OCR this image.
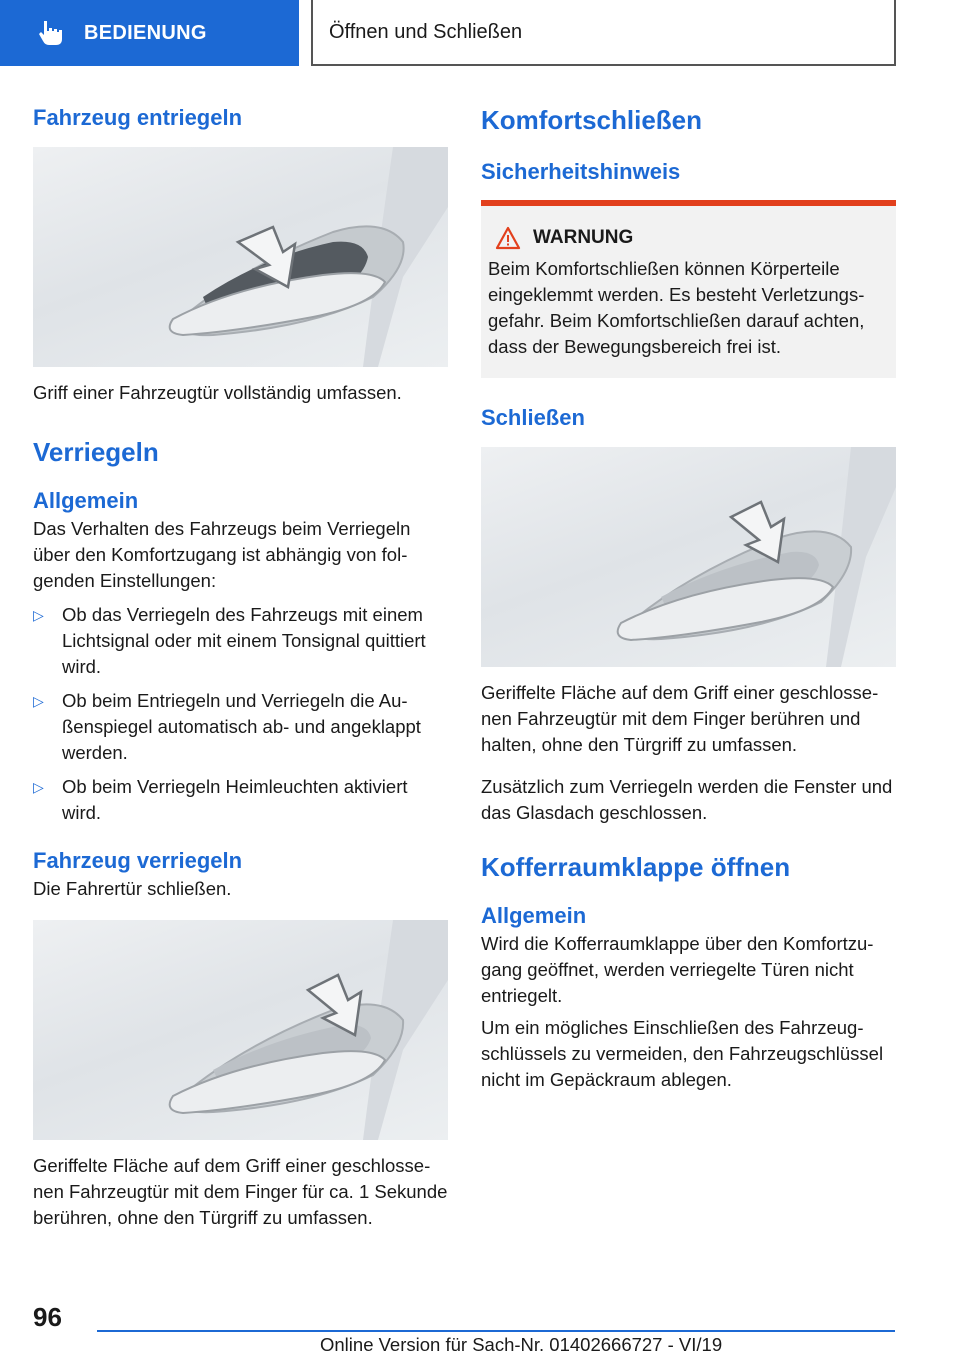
BEDIENUNG	Öffnen und Schließen
Fahrzeug entriegeln
Griff einer Fahrzeugtür vollständig umfassen.
Verriegeln
Allgemein
Das Verhalten des Fahrzeugs beim Verriegeln über den Komfortzugang ist abhängig von folgenden Einstellungen:
▷ Ob das Verriegeln des Fahrzeugs mit einem Lichtsignal oder mit einem Tonsignal quittiert wird.
▷ Ob beim Entriegeln und Verriegeln die Außenspiegel automatisch ab- und angeklappt werden.
▷ Ob beim Verriegeln Heimleuchten aktiviert wird.
Fahrzeug verriegeln
Die Fahrertür schließen.
Geriffelte Fläche auf dem Griff einer geschlossenen Fahrzeugtür mit dem Finger für ca. 1 Sekunde berühren, ohne den Türgriff zu umfassen.
Komfortschließen
Sicherheitshinweis
WARNUNG
Beim Komfortschließen können Körperteile eingeklemmt werden. Es besteht Verletzungsgefahr. Beim Komfortschließen darauf achten, dass der Bewegungsbereich frei ist.
Schließen
Geriffelte Fläche auf dem Griff einer geschlossenen Fahrzeugtür mit dem Finger berühren und halten, ohne den Türgriff zu umfassen.
Zusätzlich zum Verriegeln werden die Fenster und das Glasdach geschlossen.
Kofferraumklappe öffnen
Allgemein
Wird die Kofferraumklappe über den Komfortzugang geöffnet, werden verriegelte Türen nicht entriegelt.
Um ein mögliches Einschließen des Fahrzeugschlüssels zu vermeiden, den Fahrzeugschlüssel nicht im Gepäckraum ablegen.
96
Online Version für Sach-Nr. 01402666727 - VI/19
